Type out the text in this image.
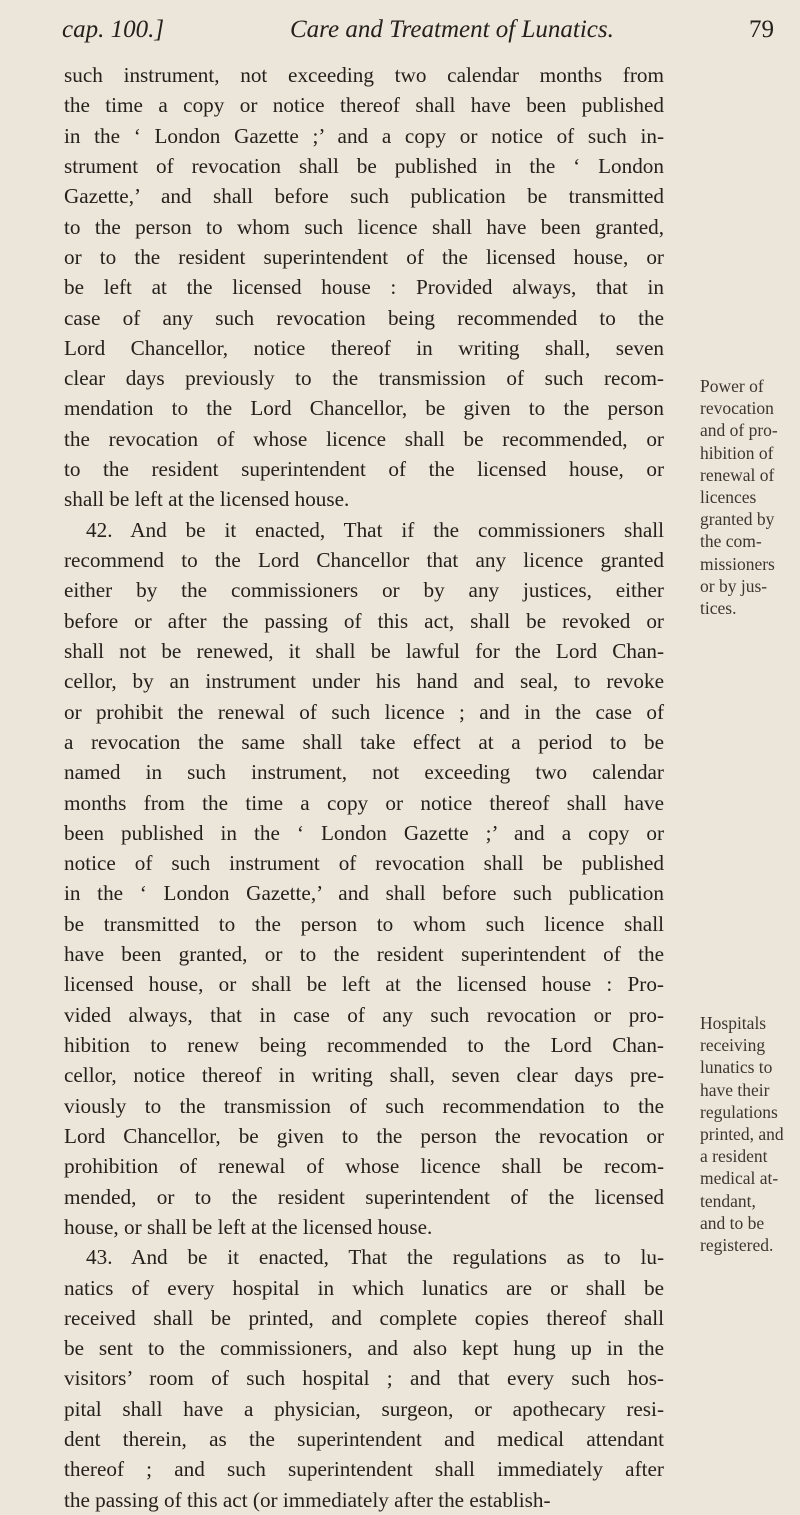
cap. 100.]	Care and Treatment of Lunatics.	79
such instrument, not exceeding two calendar months from
the time a copy or notice thereof shall have been published
in the ‘ London Gazette ;’ and a copy or notice of such in-
strument of revocation shall be published in the ‘ London
Gazette,’ and shall before such publication be transmitted
to the person to whom such licence shall have been granted,
or to the resident superintendent of the licensed house, or
be left at the licensed house : Provided always, that in
case of any such revocation being recommended to the
Lord Chancellor, notice thereof in writing shall, seven
clear days previously to the transmission of such recom-
mendation to the Lord Chancellor, be given to the person
the revocation of whose licence shall be recommended, or
to the resident superintendent of the licensed house, or
shall be left at the licensed house.
42. And be it enacted, That if the commissioners shall
recommend to the Lord Chancellor that any licence granted
either by the commissioners or by any justices, either
before or after the passing of this act, shall be revoked or
shall not be renewed, it shall be lawful for the Lord Chan-
cellor, by an instrument under his hand and seal, to revoke
or prohibit the renewal of such licence ; and in the case of
a revocation the same shall take effect at a period to be
named in such instrument, not exceeding two calendar
months from the time a copy or notice thereof shall have
been published in the ‘ London Gazette ;’ and a copy or
notice of such instrument of revocation shall be published
in the ‘ London Gazette,’ and shall before such publication
be transmitted to the person to whom such licence shall
have been granted, or to the resident superintendent of the
licensed house, or shall be left at the licensed house : Pro-
vided always, that in case of any such revocation or pro-
hibition to renew being recommended to the Lord Chan-
cellor, notice thereof in writing shall, seven clear days pre-
viously to the transmission of such recommendation to the
Lord Chancellor, be given to the person the revocation or
prohibition of renewal of whose licence shall be recom-
mended, or to the resident superintendent of the licensed
house, or shall be left at the licensed house.
43. And be it enacted, That the regulations as to lu-
natics of every hospital in which lunatics are or shall be
received shall be printed, and complete copies thereof shall
be sent to the commissioners, and also kept hung up in the
visitors’ room of such hospital ; and that every such hos-
pital shall have a physician, surgeon, or apothecary resi-
dent therein, as the superintendent and medical attendant
thereof ; and such superintendent shall immediately after
the passing of this act (or immediately after the establish-
Power of
revocation
and of pro-
hibition of
renewal of
licences
granted by
the com-
missioners
or by jus-
tices.
Hospitals
receiving
lunatics to
have their
regulations
printed, and
a resident
medical at-
tendant,
and to be
registered.
